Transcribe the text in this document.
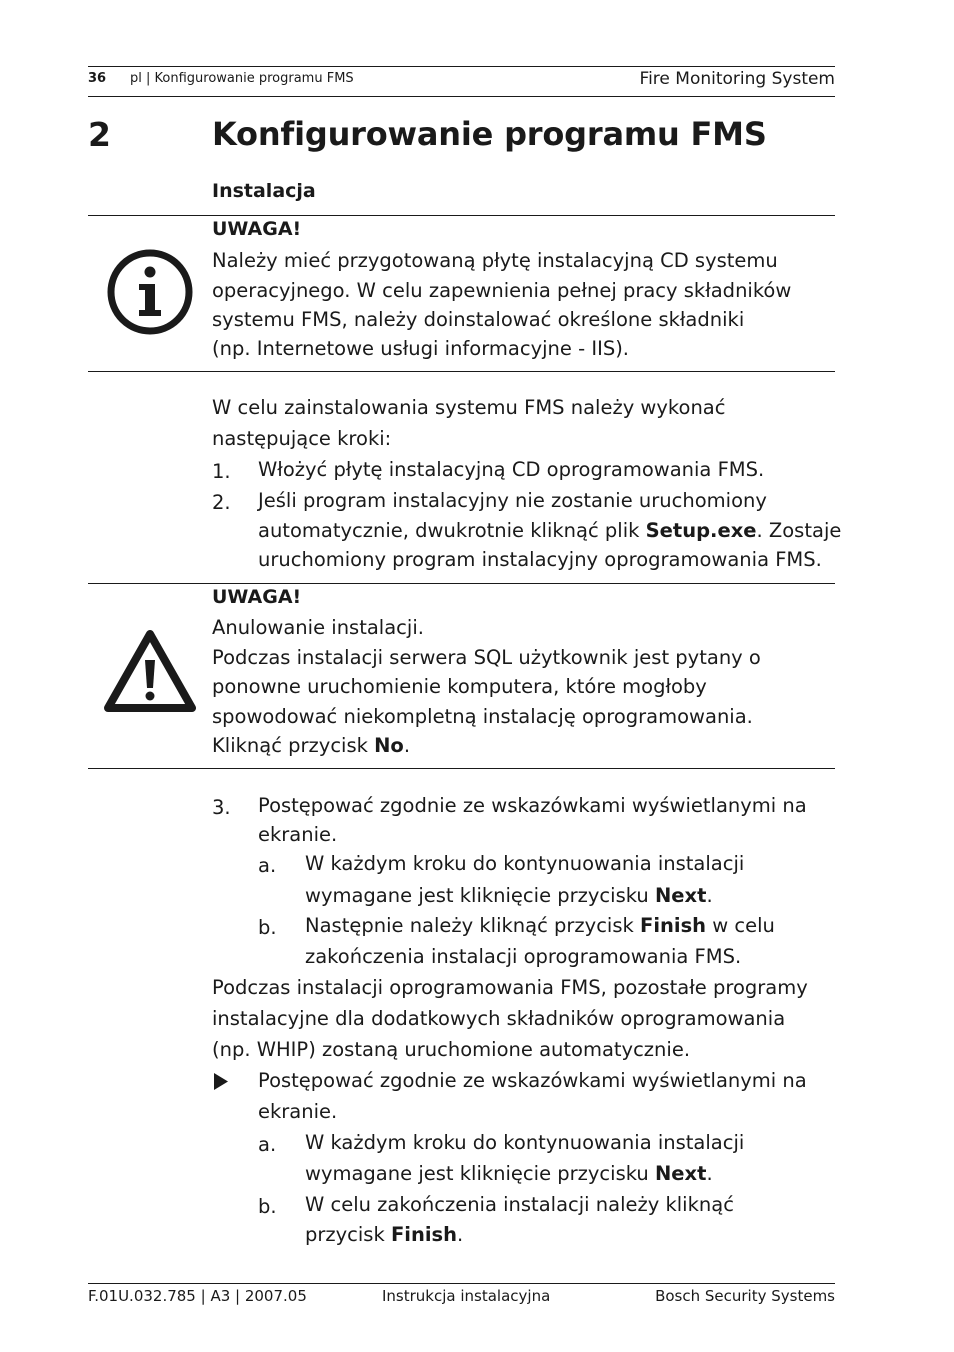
36 pl | Konfigurowanie programu FMS	Fire Monitoring System
2	Konfigurowanie programu FMS
Instalacja
UWAGA!
Należy mieć przygotowaną płytę instalacyjną CD systemu
operacyjnego. W celu zapewnienia pełnej pracy składników
systemu FMS, należy doinstalować określone składniki
(np. Internetowe usługi informacyjne - IIS).
W celu zainstalowania systemu FMS należy wykonać
następujące kroki:
1. Włożyć płytę instalacyjną CD oprogramowania FMS.
2. Jeśli program instalacyjny nie zostanie uruchomiony
automatycznie, dwukrotnie kliknąć plik Setup.exe. Zostaje
uruchomiony program instalacyjny oprogramowania FMS.
UWAGA!
Anulowanie instalacji.
Podczas instalacji serwera SQL użytkownik jest pytany o
ponowne uruchomienie komputera, które mogłoby
spowodować niekompletną instalację oprogramowania.
Kliknąć przycisk No.
3. Postępować zgodnie ze wskazówkami wyświetlanymi na
ekranie.
a. W każdym kroku do kontynuowania instalacji
wymagane jest kliknięcie przycisku Next.
b. Następnie należy kliknąć przycisk Finish w celu
zakończenia instalacji oprogramowania FMS.
Podczas instalacji oprogramowania FMS, pozostałe programy
instalacyjne dla dodatkowych składników oprogramowania
(np. WHIP) zostaną uruchomione automatycznie.
Postępować zgodnie ze wskazówkami wyświetlanymi na
ekranie.
a. W każdym kroku do kontynuowania instalacji
wymagane jest kliknięcie przycisku Next.
b. W celu zakończenia instalacji należy kliknąć
przycisk Finish.
F.01U.032.785 | A3 | 2007.05	Instrukcja instalacyjna	Bosch Security Systems
